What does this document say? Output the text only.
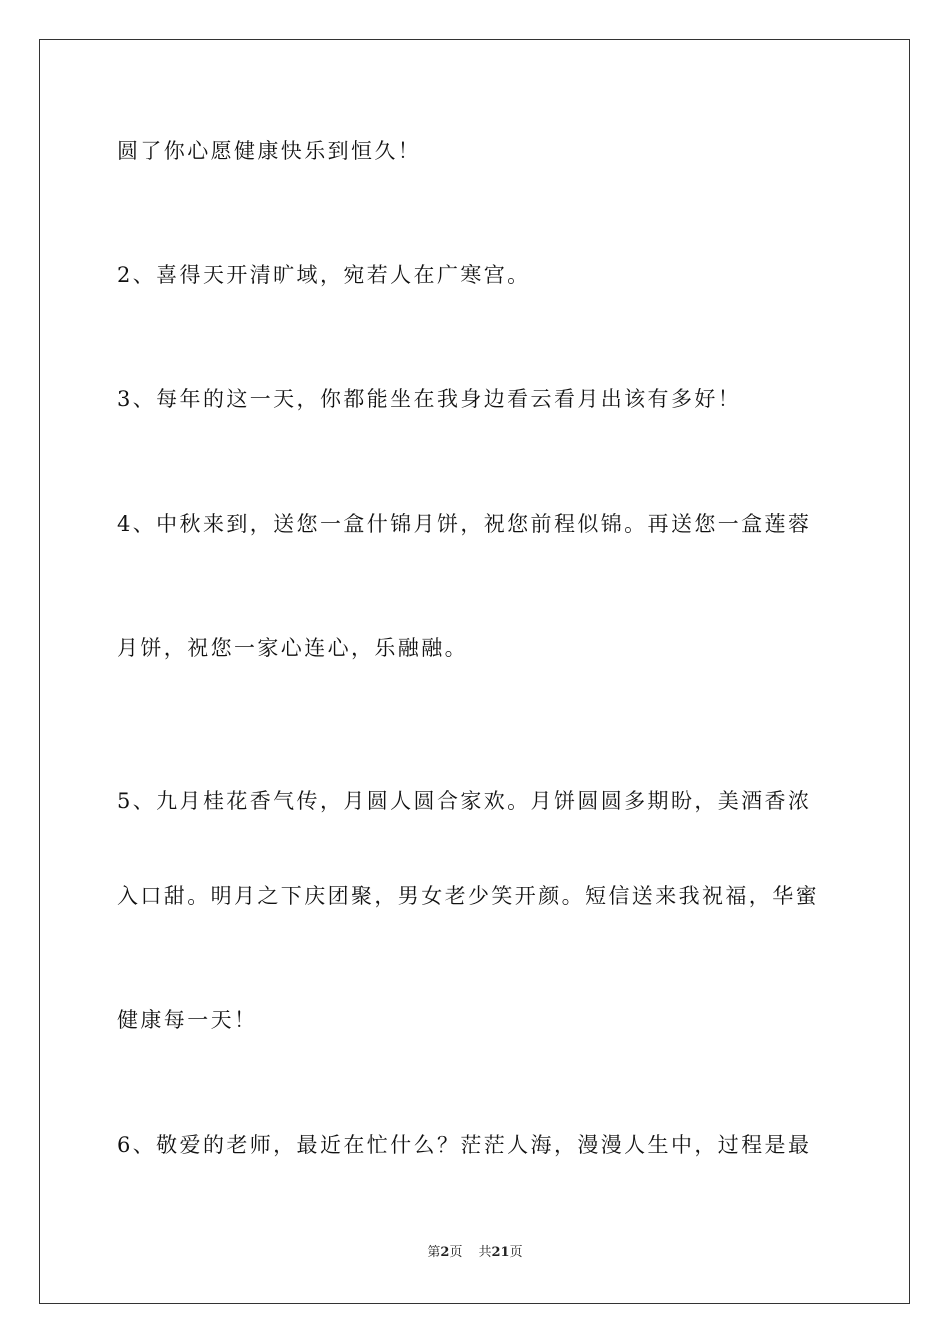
圆了你心愿健康快乐到恒久！
2、喜得天开清旷域，宛若人在广寒宫。
3、每年的这一天，你都能坐在我身边看云看月出该有多好！
4、中秋来到，送您一盒什锦月饼，祝您前程似锦。再送您一盒莲蓉
月饼，祝您一家心连心，乐融融。
5、九月桂花香气传，月圆人圆合家欢。月饼圆圆多期盼，美酒香浓
入口甜。明月之下庆团聚，男女老少笑开颜。短信送来我祝福，华蜜
健康每一天！
6、敬爱的老师，最近在忙什么？茫茫人海，漫漫人生中，过程是最
第2页 共21页
